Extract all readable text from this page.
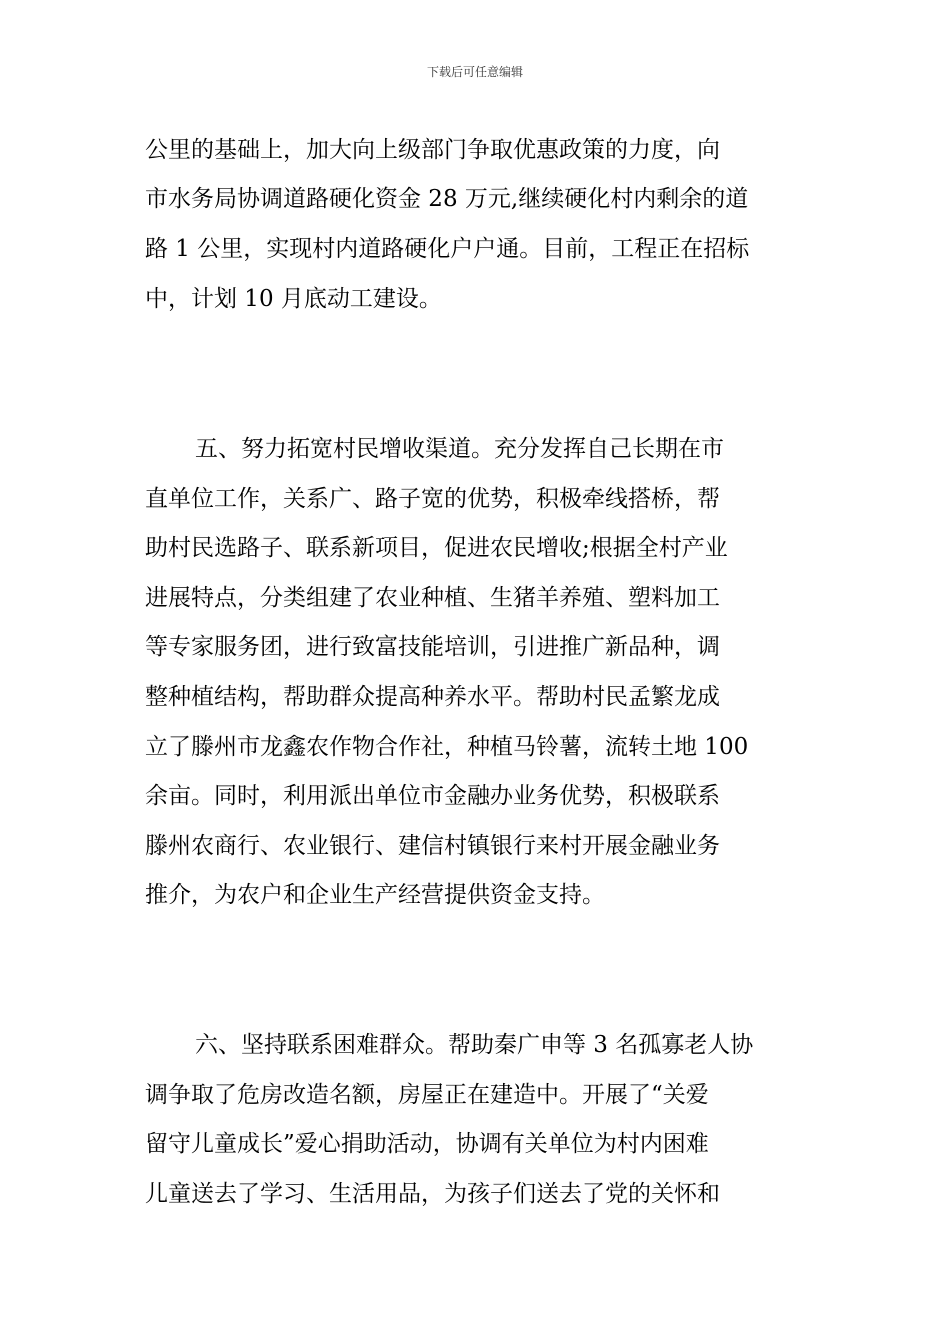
下载后可任意编辑
公里的基础上，加大向上级部门争取优惠政策的力度，向
市水务局协调道路硬化资金 28 万元,继续硬化村内剩余的道
路 1 公里，实现村内道路硬化户户通。目前，工程正在招标
中，计划 10 月底动工建设。
五、努力拓宽村民增收渠道。充分发挥自己长期在市
直单位工作，关系广、路子宽的优势，积极牵线搭桥，帮
助村民选路子、联系新项目，促进农民增收;根据全村产业
进展特点，分类组建了农业种植、生猪羊养殖、塑料加工
等专家服务团，进行致富技能培训，引进推广新品种，调
整种植结构，帮助群众提高种养水平。帮助村民孟繁龙成
立了滕州市龙鑫农作物合作社，种植马铃薯，流转土地 100
余亩。同时，利用派出单位市金融办业务优势，积极联系
滕州农商行、农业银行、建信村镇银行来村开展金融业务
推介，为农户和企业生产经营提供资金支持。
六、坚持联系困难群众。帮助秦广申等 3 名孤寡老人协
调争取了危房改造名额，房屋正在建造中。开展了“关爱
留守儿童成长”爱心捐助活动，协调有关单位为村内困难
儿童送去了学习、生活用品，为孩子们送去了党的关怀和
